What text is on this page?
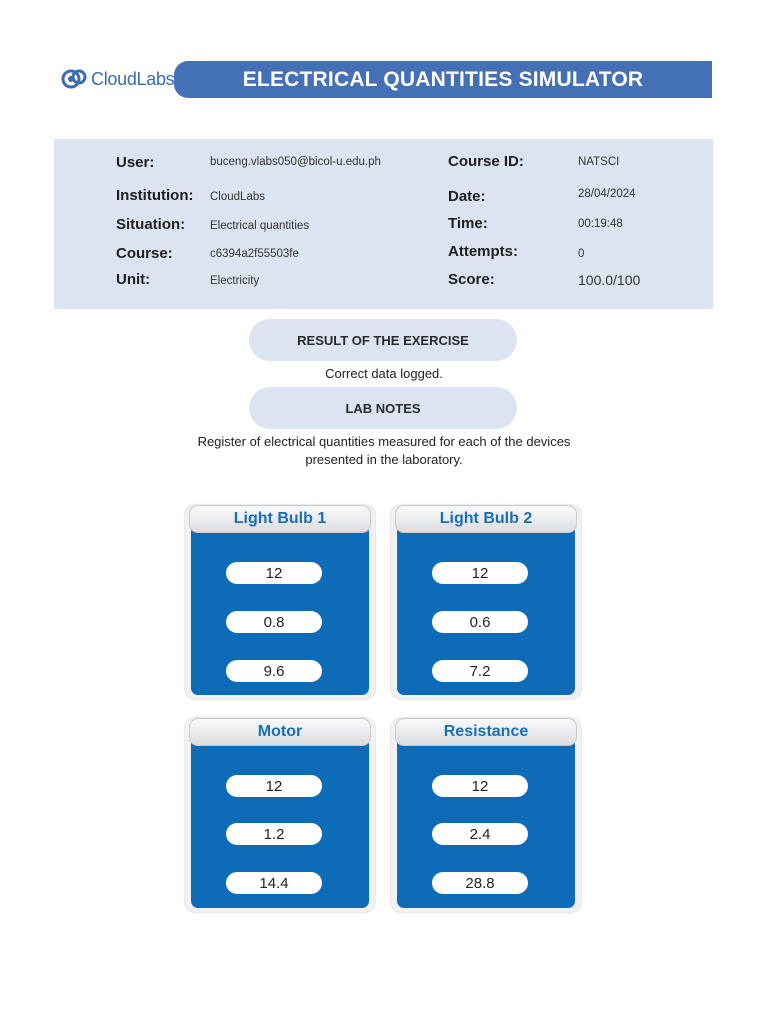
CloudLabs	ELECTRICAL QUANTITIES SIMULATOR
User:	buceng.vlabs050@bicol-u.edu.ph
Institution: CloudLabs
Situation: Electrical quantities
Course:	c6394a2f55503fe
Unit:	Electricity
Course ID:	NATSCI
Date:	28/04/2024
Time:	00:19:48
Attempts:	0
Score:	100.0/100
RESULT OF THE EXERCISE
Correct data logged.
LAB NOTES
Register of electrical quantities measured for each of the devices
presented in the laboratory.
Light Bulb 1
12
0.8
9.6
Light Bulb 2
12
0.6
7.2
Motor
12
1.2
14.4
Resistance
12
2.4
28.8
